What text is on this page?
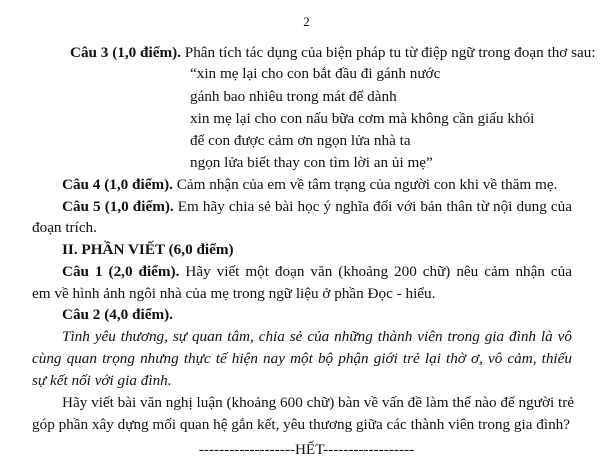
2
Câu 3 (1,0 điểm). Phân tích tác dụng của biện pháp tu từ điệp ngữ trong đoạn thơ sau:
“xin mẹ lại cho con bắt đầu đi gánh nước
gánh bao nhiêu trong mát để dành
xin mẹ lại cho con nấu bữa cơm mà không cần giấu khói
để con được cảm ơn ngọn lửa nhà ta
ngọn lửa biết thay con tìm lời an ủi mẹ”
Câu 4 (1,0 điểm). Cảm nhận của em về tâm trạng của người con khi về thăm mẹ.
Câu 5 (1,0 điểm). Em hãy chia sẻ bài học ý nghĩa đối với bản thân từ nội dung của
đoạn trích.
II. PHẦN VIẾT (6,0 điểm)
Câu 1 (2,0 điểm). Hãy viết một đoạn văn (khoảng 200 chữ) nêu cảm nhận của
em về hình ảnh ngôi nhà của mẹ trong ngữ liệu ở phần Đọc - hiểu.
Câu 2 (4,0 điểm).
Tình yêu thương, sự quan tâm, chia sẻ của những thành viên trong gia đình là vô
cùng quan trọng nhưng thực tế hiện nay một bộ phận giới trẻ lại thờ ơ, vô cảm, thiếu
sự kết nối với gia đình.
Hãy viết bài văn nghị luận (khoảng 600 chữ) bàn về vấn đề làm thế nào để người trẻ
góp phần xây dựng mối quan hệ gắn kết, yêu thương giữa các thành viên trong gia đình?
-------------------HẾT------------------
